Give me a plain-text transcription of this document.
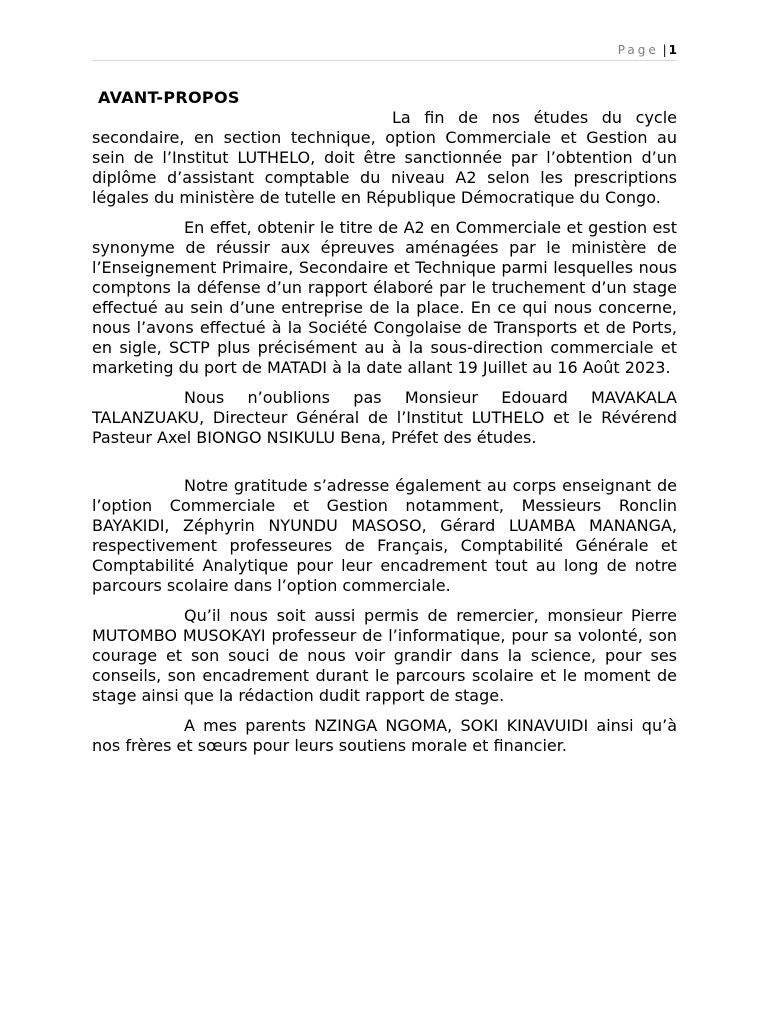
Page | 1
AVANT-PROPOS

La fin de nos études du cycle secondaire, en section technique, option Commerciale et Gestion au sein de l’Institut LUTHELO, doit être sanctionnée par l’obtention d’un diplôme d’assistant comptable du niveau A2 selon les prescriptions légales du ministère de tutelle en République Démocratique du Congo.

En effet, obtenir le titre de A2 en Commerciale et gestion est synonyme de réussir aux épreuves aménagées par le ministère de l’Enseignement Primaire, Secondaire et Technique parmi lesquelles nous comptons la défense d’un rapport élaboré par le truchement d’un stage effectué au sein d’une entreprise de la place. En ce qui nous concerne, nous l’avons effectué à la Société Congolaise de Transports et de Ports, en sigle, SCTP plus précisément au à la sous-direction commerciale et marketing du port de MATADI à la date allant 19 Juillet au 16 Août 2023.

Nous n’oublions pas Monsieur Edouard MAVAKALA TALANZUAKU, Directeur Général de l’Institut LUTHELO et le Révérend Pasteur Axel BIONGO NSIKULU Bena, Préfet des études.

Notre gratitude s’adresse également au corps enseignant de l’option Commerciale et Gestion notamment, Messieurs Ronclin BAYAKIDI, Zéphyrin NYUNDU MASOSO, Gérard LUAMBA MANANGA, respectivement professeures de Français, Comptabilité Générale et Comptabilité Analytique pour leur encadrement tout au long de notre parcours scolaire dans l’option commerciale.

Qu’il nous soit aussi permis de remercier, monsieur Pierre MUTOMBO MUSOKAYI professeur de l’informatique, pour sa volonté, son courage et son souci de nous voir grandir dans la science, pour ses conseils, son encadrement durant le parcours scolaire et le moment de stage ainsi que la rédaction dudit rapport de stage.

A mes parents NZINGA NGOMA, SOKI KINAVUIDI ainsi qu’à nos frères et sœurs pour leurs soutiens morale et financier.
